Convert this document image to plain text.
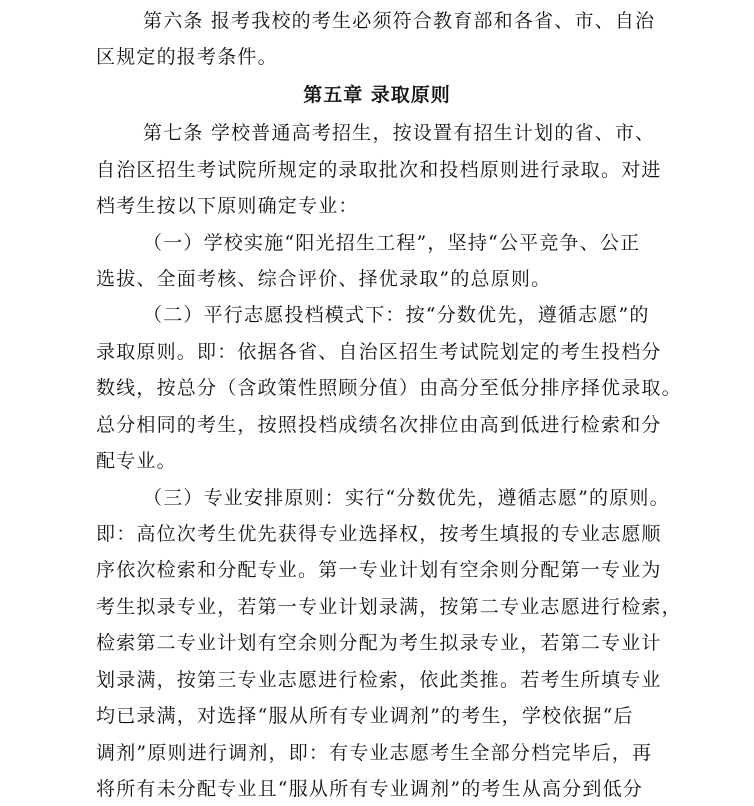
第六条 报考我校的考生必须符合教育部和各省、市、自治
区规定的报考条件。
第五章 录取原则
第七条 学校普通高考招生，按设置有招生计划的省、市、
自治区招生考试院所规定的录取批次和投档原则进行录取。对进
档考生按以下原则确定专业：
（一）学校实施“阳光招生工程”，坚持“公平竞争、公正
选拔、全面考核、综合评价、择优录取”的总原则。
（二）平行志愿投档模式下：按“分数优先，遵循志愿”的
录取原则。即：依据各省、自治区招生考试院划定的考生投档分
数线，按总分（含政策性照顾分值）由高分至低分排序择优录取。
总分相同的考生，按照投档成绩名次排位由高到低进行检索和分
配专业。
（三）专业安排原则：实行“分数优先，遵循志愿”的原则。
即：高位次考生优先获得专业选择权，按考生填报的专业志愿顺
序依次检索和分配专业。第一专业计划有空余则分配第一专业为
考生拟录专业，若第一专业计划录满，按第二专业志愿进行检索，
检索第二专业计划有空余则分配为考生拟录专业，若第二专业计
划录满，按第三专业志愿进行检索，依此类推。若考生所填专业
均已录满，对选择“服从所有专业调剂”的考生，学校依据“后
调剂”原则进行调剂，即：有专业志愿考生全部分档完毕后，再
将所有未分配专业且“服从所有专业调剂”的考生从高分到低分
